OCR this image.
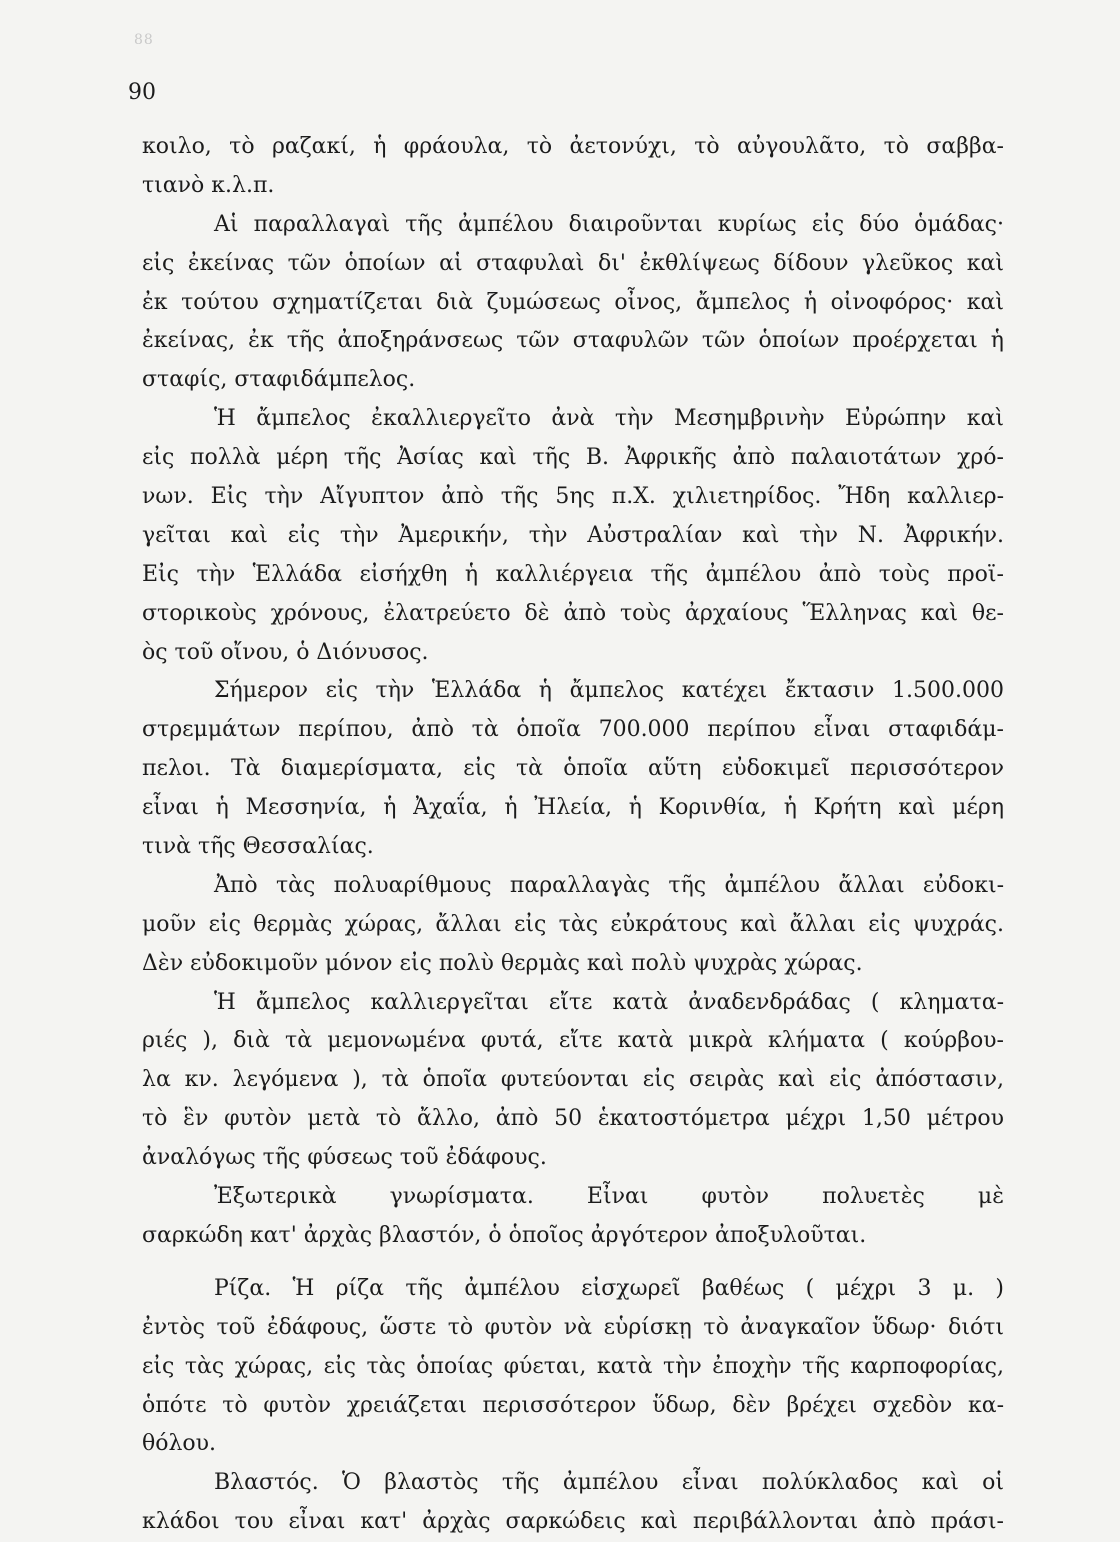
88
90
κοιλο, τὸ ραζακί, ἡ φράουλα, τὸ ἀετονύχι, τὸ αὐγουλᾶτο, τὸ σαββα-
τιανὸ κ.λ.π.
Αἱ παραλλαγαὶ τῆς ἀμπέλου διαιροῦνται κυρίως εἰς δύο ὁμάδας·
εἰς ἐκείνας τῶν ὁποίων αἱ σταφυλαὶ δι' ἐκθλίψεως δίδουν γλεῦκος καὶ
ἐκ τούτου σχηματίζεται διὰ ζυμώσεως οἶνος, ἄμπελος ἡ οἰνοφόρος· καὶ
ἐκείνας, ἐκ τῆς ἀποξηράνσεως τῶν σταφυλῶν τῶν ὁποίων προέρχεται ἡ
σταφίς, σταφιδάμπελος.
Ἡ ἄμπελος ἐκαλλιεργεῖτο ἀνὰ τὴν Μεσημβρινὴν Εὐρώπην καὶ
εἰς πολλὰ μέρη τῆς Ἀσίας καὶ τῆς Β. Ἀφρικῆς ἀπὸ παλαιοτάτων χρό-
νων. Εἰς τὴν Αἴγυπτον ἀπὸ τῆς 5ης π.Χ. χιλιετηρίδος. Ἤδη καλλιερ-
γεῖται καὶ εἰς τὴν Ἀμερικήν, τὴν Αὐστραλίαν καὶ τὴν Ν. Ἀφρικήν.
Εἰς τὴν Ἑλλάδα εἰσήχθη ἡ καλλιέργεια τῆς ἀμπέλου ἀπὸ τοὺς προϊ-
στορικοὺς χρόνους, ἐλατρεύετο δὲ ἀπὸ τοὺς ἀρχαίους Ἕλληνας καὶ θε-
ὸς τοῦ οἴνου, ὁ Διόνυσος.
Σήμερον εἰς τὴν Ἑλλάδα ἡ ἄμπελος κατέχει ἔκτασιν 1.500.000
στρεμμάτων περίπου, ἀπὸ τὰ ὁποῖα 700.000 περίπου εἶναι σταφιδάμ-
πελοι. Τὰ διαμερίσματα, εἰς τὰ ὁποῖα αὕτη εὐδοκιμεῖ περισσότερον
εἶναι ἡ Μεσσηνία, ἡ Ἀχαΐα, ἡ Ἠλεία, ἡ Κορινθία, ἡ Κρήτη καὶ μέρη
τινὰ τῆς Θεσσαλίας.
Ἀπὸ τὰς πολυαρίθμους παραλλαγὰς τῆς ἀμπέλου ἄλλαι εὐδοκι-
μοῦν εἰς θερμὰς χώρας, ἄλλαι εἰς τὰς εὐκράτους καὶ ἄλλαι εἰς ψυχράς.
Δὲν εὐδοκιμοῦν μόνον εἰς πολὺ θερμὰς καὶ πολὺ ψυχρὰς χώρας.
Ἡ ἄμπελος καλλιεργεῖται εἴτε κατὰ ἀναδενδράδας ( κληματα-
ριές ), διὰ τὰ μεμονωμένα φυτά, εἴτε κατὰ μικρὰ κλήματα ( κούρβου-
λα κν. λεγόμενα ), τὰ ὁποῖα φυτεύονται εἰς σειρὰς καὶ εἰς ἀπόστασιν,
τὸ ἓν φυτὸν μετὰ τὸ ἄλλο, ἀπὸ 50 ἑκατοστόμετρα μέχρι 1,50 μέτρου
ἀναλόγως τῆς φύσεως τοῦ ἐδάφους.
Ἐξωτερικὰ γνωρίσματα. Εἶναι φυτὸν πολυετὲς μὲ
σαρκώδη κατ' ἀρχὰς βλαστόν, ὁ ὁποῖος ἀργότερον ἀποξυλοῦται.
Ρίζα. Ἡ ρίζα τῆς ἀμπέλου εἰσχωρεῖ βαθέως ( μέχρι 3 μ. )
ἐντὸς τοῦ ἐδάφους, ὥστε τὸ φυτὸν νὰ εὑρίσκῃ τὸ ἀναγκαῖον ὕδωρ· διότι
εἰς τὰς χώρας, εἰς τὰς ὁποίας φύεται, κατὰ τὴν ἐποχὴν τῆς καρποφορίας,
ὁπότε τὸ φυτὸν χρειάζεται περισσότερον ὕδωρ, δὲν βρέχει σχεδὸν κα-
θόλου.
Βλαστός. Ὁ βλαστὸς τῆς ἀμπέλου εἶναι πολύκλαδος καὶ οἱ
κλάδοι του εἶναι κατ' ἀρχὰς σαρκώδεις καὶ περιβάλλονται ἀπὸ πράσι-
